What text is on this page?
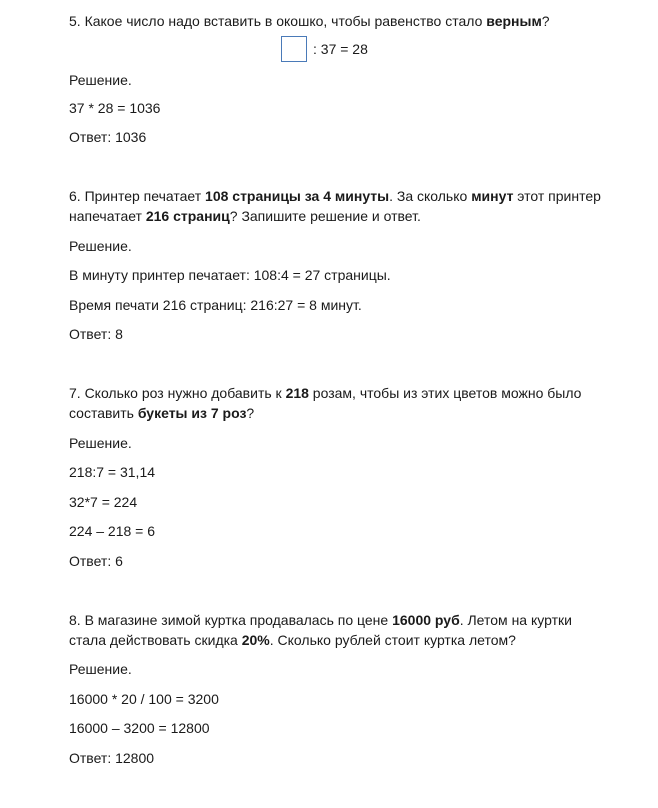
5. Какое число надо вставить в окошко, чтобы равенство стало верным?
: 37 = 28
Решение.
37 * 28 = 1036
Ответ: 1036
6. Принтер печатает 108 страницы за 4 минуты. За сколько минут этот принтер
напечатает 216 страниц? Запишите решение и ответ.
Решение.
В минуту принтер печатает: 108:4 = 27 страницы.
Время печати 216 страниц: 216:27 = 8 минут.
Ответ: 8
7. Сколько роз нужно добавить к 218 розам, чтобы из этих цветов можно было
составить букеты из 7 роз?
Решение.
218:7 = 31,14
32*7 = 224
224 – 218 = 6
Ответ: 6
8. В магазине зимой куртка продавалась по цене 16000 руб. Летом на куртки
стала действовать скидка 20%. Сколько рублей стоит куртка летом?
Решение.
16000 * 20 / 100 = 3200
16000 – 3200 = 12800
Ответ: 12800
